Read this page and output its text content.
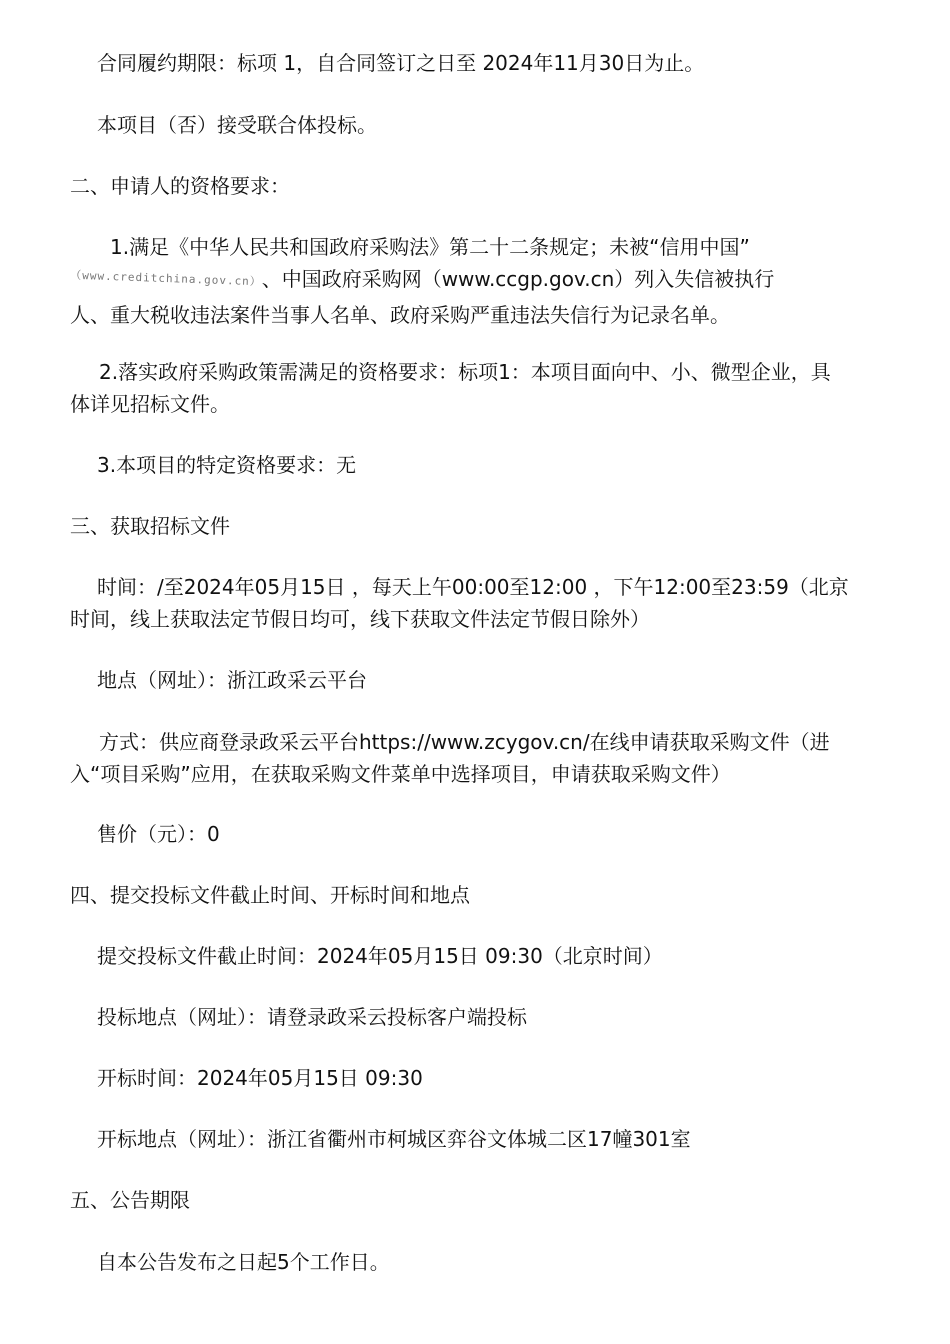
合同履约期限：标项 1，自合同签订之日至 2024年11月30日为止。
本项目（否）接受联合体投标。
二、申请人的资格要求：
1.满足《中华人民共和国政府采购法》第二十二条规定；未被“信用中国”
（www.creditchina.gov.cn）、中国政府采购网（www.ccgp.gov.cn）列入失信被执行
人、重大税收违法案件当事人名单、政府采购严重违法失信行为记录名单。
2.落实政府采购政策需满足的资格要求：标项1：本项目面向中、小、微型企业，具
体详见招标文件。
3.本项目的特定资格要求：无
三、获取招标文件
时间：/至2024年05月15日 ，每天上午00:00至12:00 ，下午12:00至23:59（北京
时间，线上获取法定节假日均可，线下获取文件法定节假日除外）
地点（网址）：浙江政采云平台
方式：供应商登录政采云平台https://www.zcygov.cn/在线申请获取采购文件（进
入“项目采购”应用，在获取采购文件菜单中选择项目，申请获取采购文件）
售价（元）：0
四、提交投标文件截止时间、开标时间和地点
提交投标文件截止时间：2024年05月15日 09:30（北京时间）
投标地点（网址）：请登录政采云投标客户端投标
开标时间：2024年05月15日 09:30
开标地点（网址）：浙江省衢州市柯城区弈谷文体城二区17幢301室
五、公告期限
自本公告发布之日起5个工作日。
